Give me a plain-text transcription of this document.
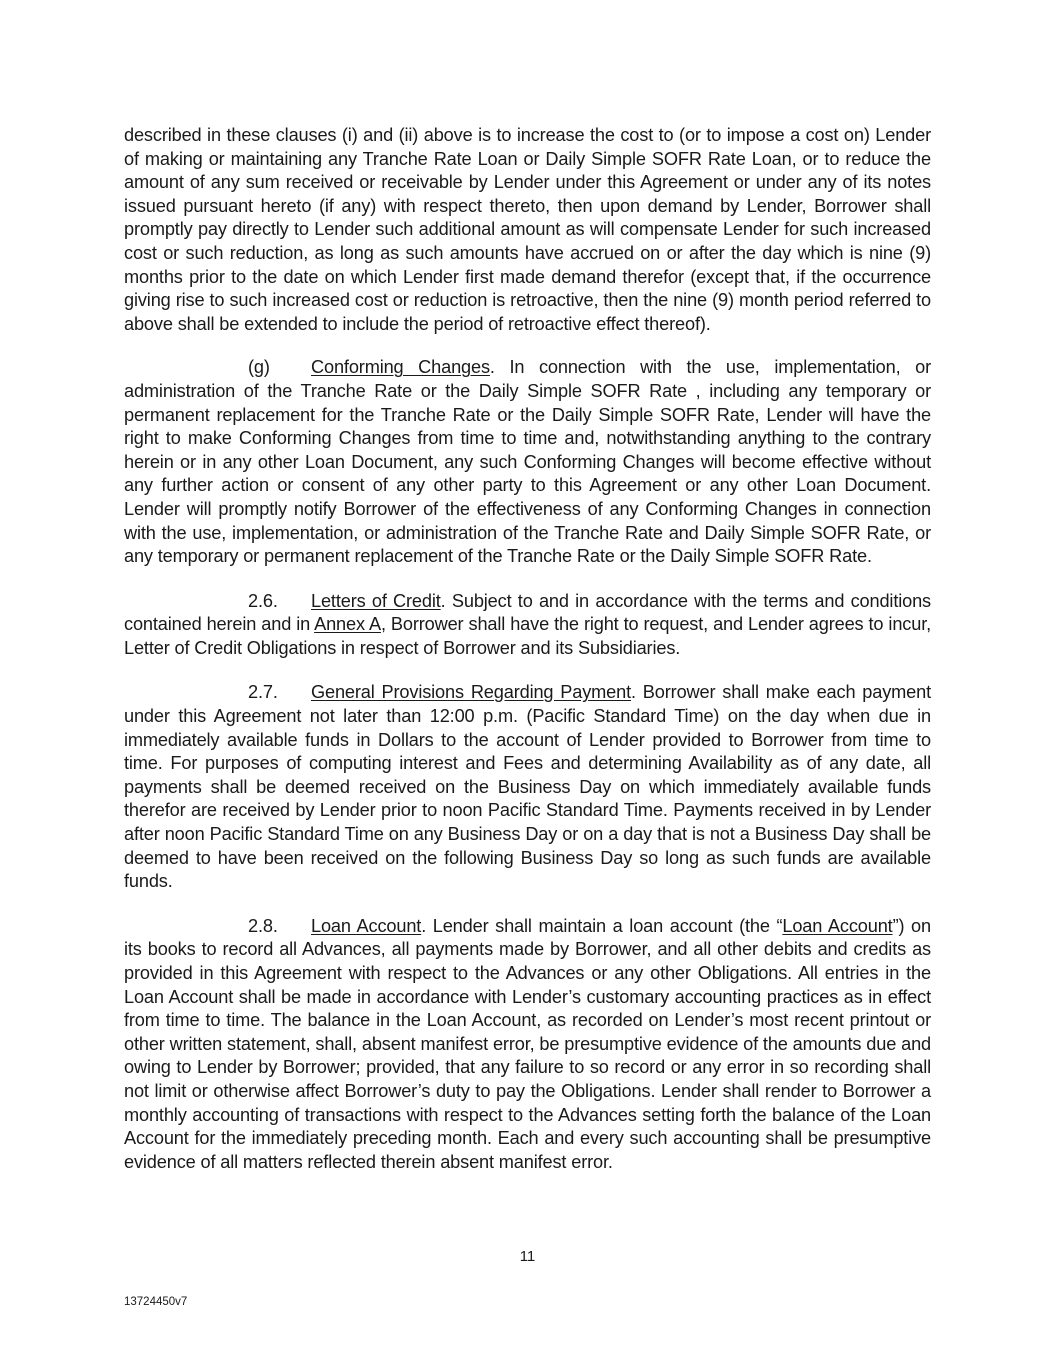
described in these clauses (i) and (ii) above is to increase the cost to (or to impose a cost on) Lender of making or maintaining any Tranche Rate Loan or Daily Simple SOFR Rate Loan, or to reduce the amount of any sum received or receivable by Lender under this Agreement or under any of its notes issued pursuant hereto (if any) with respect thereto, then upon demand by Lender, Borrower shall promptly pay directly to Lender such additional amount as will compensate Lender for such increased cost or such reduction, as long as such amounts have accrued on or after the day which is nine (9) months prior to the date on which Lender first made demand therefor (except that, if the occurrence giving rise to such increased cost or reduction is retroactive, then the nine (9) month period referred to above shall be extended to include the period of retroactive effect thereof).

(g) Conforming Changes. In connection with the use, implementation, or administration of the Tranche Rate or the Daily Simple SOFR Rate , including any temporary or permanent replacement for the Tranche Rate or the Daily Simple SOFR Rate, Lender will have the right to make Conforming Changes from time to time and, notwithstanding anything to the contrary herein or in any other Loan Document, any such Conforming Changes will become effective without any further action or consent of any other party to this Agreement or any other Loan Document. Lender will promptly notify Borrower of the effectiveness of any Conforming Changes in connection with the use, implementation, or administration of the Tranche Rate and Daily Simple SOFR Rate, or any temporary or permanent replacement of the Tranche Rate or the Daily Simple SOFR Rate.

2.6. Letters of Credit. Subject to and in accordance with the terms and conditions contained herein and in Annex A, Borrower shall have the right to request, and Lender agrees to incur, Letter of Credit Obligations in respect of Borrower and its Subsidiaries.

2.7. General Provisions Regarding Payment. Borrower shall make each payment under this Agreement not later than 12:00 p.m. (Pacific Standard Time) on the day when due in immediately available funds in Dollars to the account of Lender provided to Borrower from time to time. For purposes of computing interest and Fees and determining Availability as of any date, all payments shall be deemed received on the Business Day on which immediately available funds therefor are received by Lender prior to noon Pacific Standard Time. Payments received in by Lender after noon Pacific Standard Time on any Business Day or on a day that is not a Business Day shall be deemed to have been received on the following Business Day so long as such funds are available funds.

2.8. Loan Account. Lender shall maintain a loan account (the “Loan Account”) on its books to record all Advances, all payments made by Borrower, and all other debits and credits as provided in this Agreement with respect to the Advances or any other Obligations. All entries in the Loan Account shall be made in accordance with Lender’s customary accounting practices as in effect from time to time. The balance in the Loan Account, as recorded on Lender’s most recent printout or other written statement, shall, absent manifest error, be presumptive evidence of the amounts due and owing to Lender by Borrower; provided, that any failure to so record or any error in so recording shall not limit or otherwise affect Borrower’s duty to pay the Obligations. Lender shall render to Borrower a monthly accounting of transactions with respect to the Advances setting forth the balance of the Loan Account for the immediately preceding month. Each and every such accounting shall be presumptive evidence of all matters reflected therein absent manifest error.

11
13724450v7
